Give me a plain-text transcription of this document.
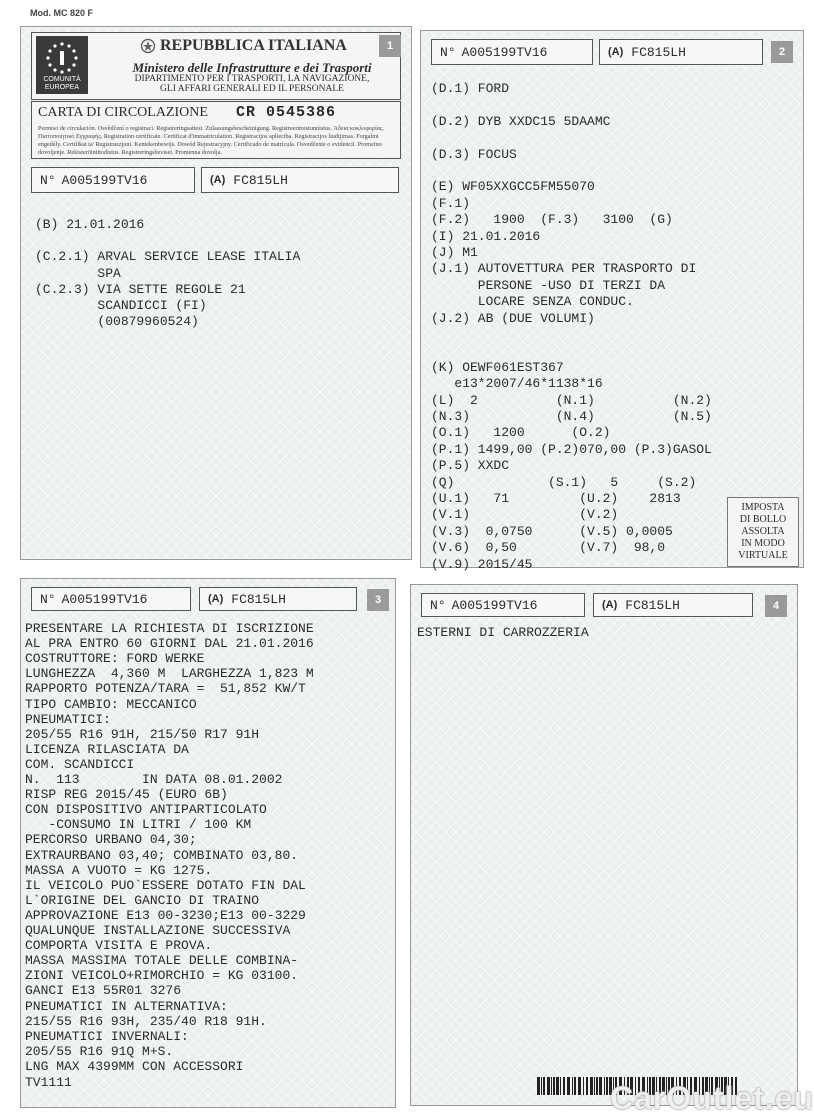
Mod. MC 820 F
COMUNITÀ
EUROPEA
REPUBBLICA ITALIANA
Ministero delle Infrastrutture e dei Trasporti
DIPARTIMENTO PER I TRASPORTI, LA NAVIGAZIONE,
GLI AFFARI GENERALI ED IL PERSONALE
1
CARTA DI CIRCOLAZIONE CR 0545386
Permiso de circulación. Osvědčení o registraci. Registreringsattest. Zulassungsbescheinigung. Registreerimistunnistus. Άδεια κυκλοφορίας. Πιστοποιητικό Εγγραφής. Registration certificate. Certificat d'immatriculation. Registracijos apliecība. Registracijos liudijimas. Forgalmi engedély. Certifikat ta' Registrazzjoni. Kentekenbewijs. Dowód Rejestracyjny. Certificado de matrícula. Osvedčenie o evidencii. Prometno dovoljenje. Rekisteröintitodistus. Registreringsbeviset. Promenna dovolja.
N° A005199TV16	(A) FC815LH
(B) 21.01.2016
(C.2.1) ARVAL SERVICE LEASE ITALIA
SPA
(C.2.3) VIA SETTE REGOLE 21
SCANDICCI (FI)
(00879960524)
N° A005199TV16	(A) FC815LH	2
(D.1) FORD
(D.2) DYB XXDC15 5DAAMC
(D.3) FOCUS
(E) WF05XXGCC5FM55070
(F.1)
(F.2)   1900  (F.3)   3100  (G)
(I) 21.01.2016
(J) M1
(J.1) AUTOVETTURA PER TRASPORTO DI
PERSONE -USO DI TERZI DA
LOCARE SENZA CONDUC.
(J.2) AB (DUE VOLUMI)
(K) OEWF061EST367
e13*2007/46*1138*16
(L)  2          (N.1)          (N.2)
(N.3)           (N.4)          (N.5)
(O.1)   1200      (O.2)
(P.1) 1499,00 (P.2)070,00 (P.3)GASOL
(P.5) XXDC
(Q)            (S.1)   5     (S.2)
(U.1)   71         (U.2)    2813
(V.1)              (V.2)
(V.3)  0,0750      (V.5) 0,0005
(V.6)  0,50        (V.7)  98,0
(V.9) 2015/45
IMPOSTA
DI BOLLO
ASSOLTA
IN MODO
VIRTUALE
N° A005199TV16	(A) FC815LH	3
PRESENTARE LA RICHIESTA DI ISCRIZIONE
AL PRA ENTRO 60 GIORNI DAL 21.01.2016
COSTRUTTORE: FORD WERKE
LUNGHEZZA  4,360 M  LARGHEZZA 1,823 M
RAPPORTO POTENZA/TARA =  51,852 KW/T
TIPO CAMBIO: MECCANICO
PNEUMATICI:
205/55 R16 91H, 215/50 R17 91H
LICENZA RILASCIATA DA
COM. SCANDICCI
N.  113        IN DATA 08.01.2002
RISP REG 2015/45 (EURO 6B)
CON DISPOSITIVO ANTIPARTICOLATO
-CONSUMO IN LITRI / 100 KM
PERCORSO URBANO 04,30;
EXTRAURBANO 03,40; COMBINATO 03,80.
MASSA A VUOTO = KG 1275.
IL VEICOLO PUO`ESSERE DOTATO FIN DAL
L`ORIGINE DEL GANCIO DI TRAINO
APPROVAZIONE E13 00-3230;E13 00-3229
QUALUNQUE INSTALLAZIONE SUCCESSIVA
COMPORTA VISITA E PROVA.
MASSA MASSIMA TOTALE DELLE COMBINA-
ZIONI VEICOLO+RIMORCHIO = KG 03100.
GANCI E13 55R01 3276
PNEUMATICI IN ALTERNATIVA:
215/55 R16 93H, 235/40 R18 91H.
PNEUMATICI INVERNALI:
205/55 R16 91Q M+S.
LNG MAX 4399MM CON ACCESSORI
TV1111
N° A005199TV16	(A) FC815LH	4
ESTERNI DI CARROZZERIA
CarOutlet.eu
